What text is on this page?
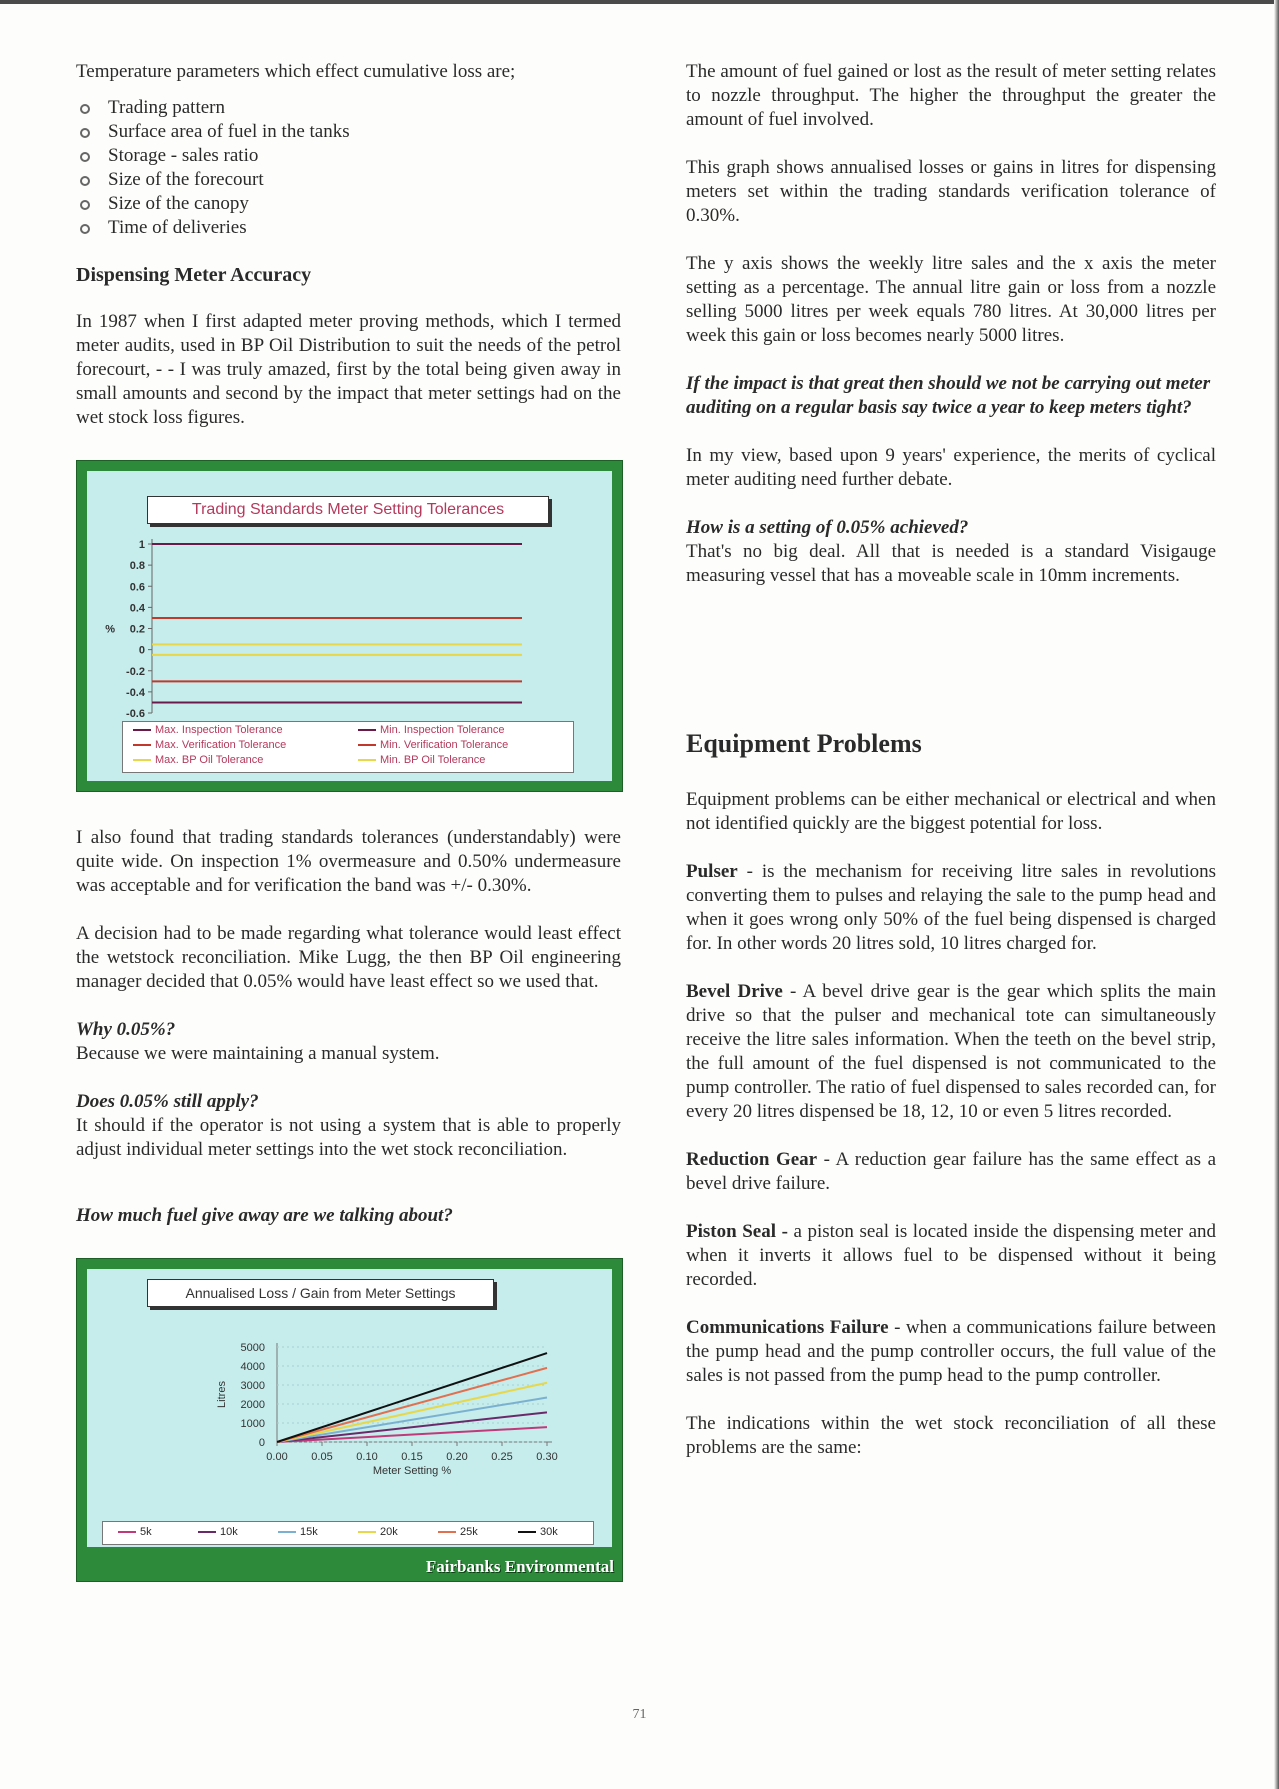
Temperature parameters which effect cumulative loss are;

Trading pattern
Surface area of fuel in the tanks
Storage - sales ratio
Size of the forecourt
Size of the canopy
Time of deliveries
Dispensing Meter Accuracy

In 1987 when I first adapted meter proving methods, which I termed meter audits, used in BP Oil Distribution to suit the needs of the petrol forecourt, - - I was truly amazed, first by the total being given away in small amounts and second by the impact that meter settings had on the wet stock loss figures.

Trading Standards Meter Setting Tolerances
1
0.8
0.6
0.4
0.2
0
-0.2
-0.4
-0.6
%
Max. Inspection Tolerance	Min. Inspection Tolerance
Max. Verification Tolerance	Min. Verification Tolerance
Max. BP Oil Tolerance	Min. BP Oil Tolerance

I also found that trading standards tolerances (understandably) were quite wide. On inspection 1% overmeasure and 0.50% undermeasure was acceptable and for verification the band was +/- 0.30%.

A decision had to be made regarding what tolerance would least effect the wetstock reconciliation. Mike Lugg, the then BP Oil engineering manager decided that 0.05% would have least effect so we used that.

Why 0.05%?

Because we were maintaining a manual system.

Does 0.05% still apply?

It should if the operator is not using a system that is able to properly adjust individual meter settings into the wet stock reconciliation.

How much fuel give away are we talking about?
Annualised Loss / Gain from Meter Settings
5000
4000
3000
2000
1000
0
0.00 0.05 0.10 0.15 0.20 0.25 0.30
Meter Setting %
Litres
5k	10k	15k	20k	25k	30k
Fairbanks Environmental

The amount of fuel gained or lost as the result of meter setting relates to nozzle throughput. The higher the throughput the greater the amount of fuel involved.

This graph shows annualised losses or gains in litres for dispensing meters set within the trading standards verification tolerance of 0.30%.

The y axis shows the weekly litre sales and the x axis the meter setting as a percentage. The annual litre gain or loss from a nozzle selling 5000 litres per week equals 780 litres. At 30,000 litres per week this gain or loss becomes nearly 5000 litres.

If the impact is that great then should we not be carrying out meter auditing on a regular basis say twice a year to keep meters tight?

In my view, based upon 9 years' experience, the merits of cyclical meter auditing need further debate.

How is a setting of 0.05% achieved?

That's no big deal. All that is needed is a standard Visigauge measuring vessel that has a moveable scale in 10mm increments.

Equipment Problems

Equipment problems can be either mechanical or electrical and when not identified quickly are the biggest potential for loss.

Pulser - is the mechanism for receiving litre sales in revolutions converting them to pulses and relaying the sale to the pump head and when it goes wrong only 50% of the fuel being dispensed is charged for. In other words 20 litres sold, 10 litres charged for.

Bevel Drive - A bevel drive gear is the gear which splits the main drive so that the pulser and mechanical tote can simultaneously receive the litre sales information. When the teeth on the bevel strip, the full amount of the fuel dispensed is not communicated to the pump controller. The ratio of fuel dispensed to sales recorded can, for every 20 litres dispensed be 18, 12, 10 or even 5 litres recorded.

Reduction Gear - A reduction gear failure has the same effect as a bevel drive failure.

Piston Seal - a piston seal is located inside the dispensing meter and when it inverts it allows fuel to be dispensed without it being recorded.

Communications Failure - when a communications failure between the pump head and the pump controller occurs, the full value of the sales is not passed from the pump head to the pump controller.

The indications within the wet stock reconciliation of all these problems are the same:

71
